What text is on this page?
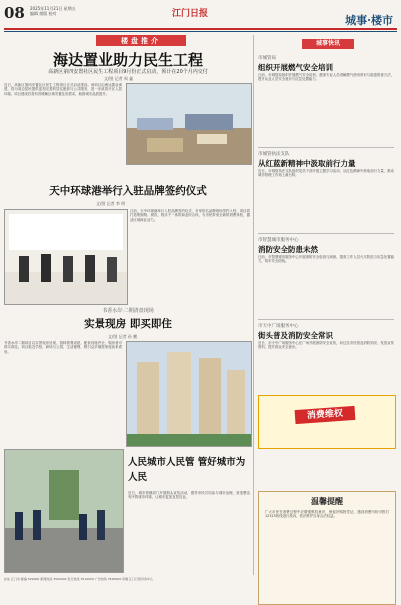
08 2025年11月21日 星期五
编辑 排版 校对	江门日报	城事·楼市
楼盘推介
海达置业助力民生工程
高新区第四安置社区民生工程项目9月份正式启动，预计在20个月内交付
文/图 记者 周 鑫
近日，高新区第四安置社区民生工程项目正式启动建设。该项目由海达置业承建，将为周边居民提供更加完善的居住配套与公共服务，进一步改善片区人居环境。项目建成后将有效缓解区域安置住房需求，助推城市品质提升。
天中环球港举行入驻品牌签约仪式
文/图 记者 李 明
日前，天中环球港举行入驻品牌签约仪式，多家知名品牌现场签约入驻。项目将打造集购物、餐饮、娱乐于一体的商业综合体，为市民带来全新的消费体验，激活区域商业活力。
书香水岸·二期清盘现场
实景现房 即买即住
文/图 记者 孙 鹏
书香水岸二期项目以实景现房呈现，园林景观成熟，配套设施齐全，购房者可即买即住。项目临近学校、商场与公园，生活便利，吸引众多刚需家庭前来看房。
人民城市人民管 管好城市为人民
近日，城市管理部门开展街头宣传活动，倡导市民共同参与城市治理，营造整洁有序的城市环境，让城市更加宜居宜业。
城事快讯
市城管局
组织开展燃气安全培训
日前，市城管局组织开展燃气安全培训，邀请专业人员讲解燃气使用常识与隐患排查方法，提升从业人员安全意识与应急处置能力。
市城管执法支队
从红蓝新精神中汲取前行力量
近日，市城管执法支队组织党员干部开展主题学习活动，从红色精神中汲取前行力量，推动城市管理工作再上新台阶。
市智慧城市服务中心
消防安全防患未然
日前，市智慧城市服务中心开展消防安全检查与演练，提高工作人员火灾防范与应急处置能力，筑牢安全防线。
市天中广场服务中心
街头普及消防安全常识
近日，市天中广场服务中心在广场开展消防安全宣传，向过往市民普及消防知识，发放宣传资料，提升群众安全意识。
消费维权
温馨提醒
广大市民在消费过程中应增强维权意识，保留好购物凭证，遇到消费纠纷可拨打12315热线进行投诉，依法维护自身合法权益。
社址 江门市 邮编 529000 新闻热线 3500000 发行热线 3510000 广告热线 3520000 印刷 江门日报印务中心
